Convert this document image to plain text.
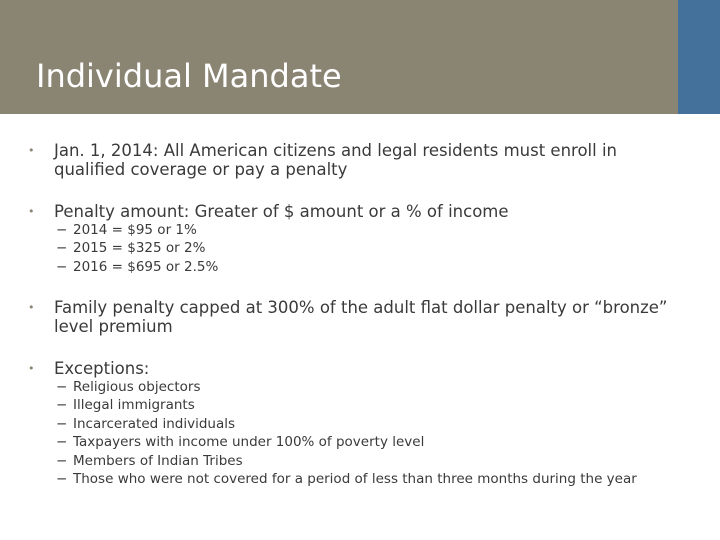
Individual Mandate
• Jan. 1, 2014: All American citizens and legal residents must enroll in qualified coverage or pay a penalty
• Penalty amount: Greater of $ amount or a % of income
− 2014 = $95 or 1%
− 2015 = $325 or 2%
− 2016 = $695 or 2.5%
• Family penalty capped at 300% of the adult flat dollar penalty or “bronze” level premium
• Exceptions:
− Religious objectors
− Illegal immigrants
− Incarcerated individuals
− Taxpayers with income under 100% of poverty level
− Members of Indian Tribes
− Those who were not covered for a period of less than three months during the year
